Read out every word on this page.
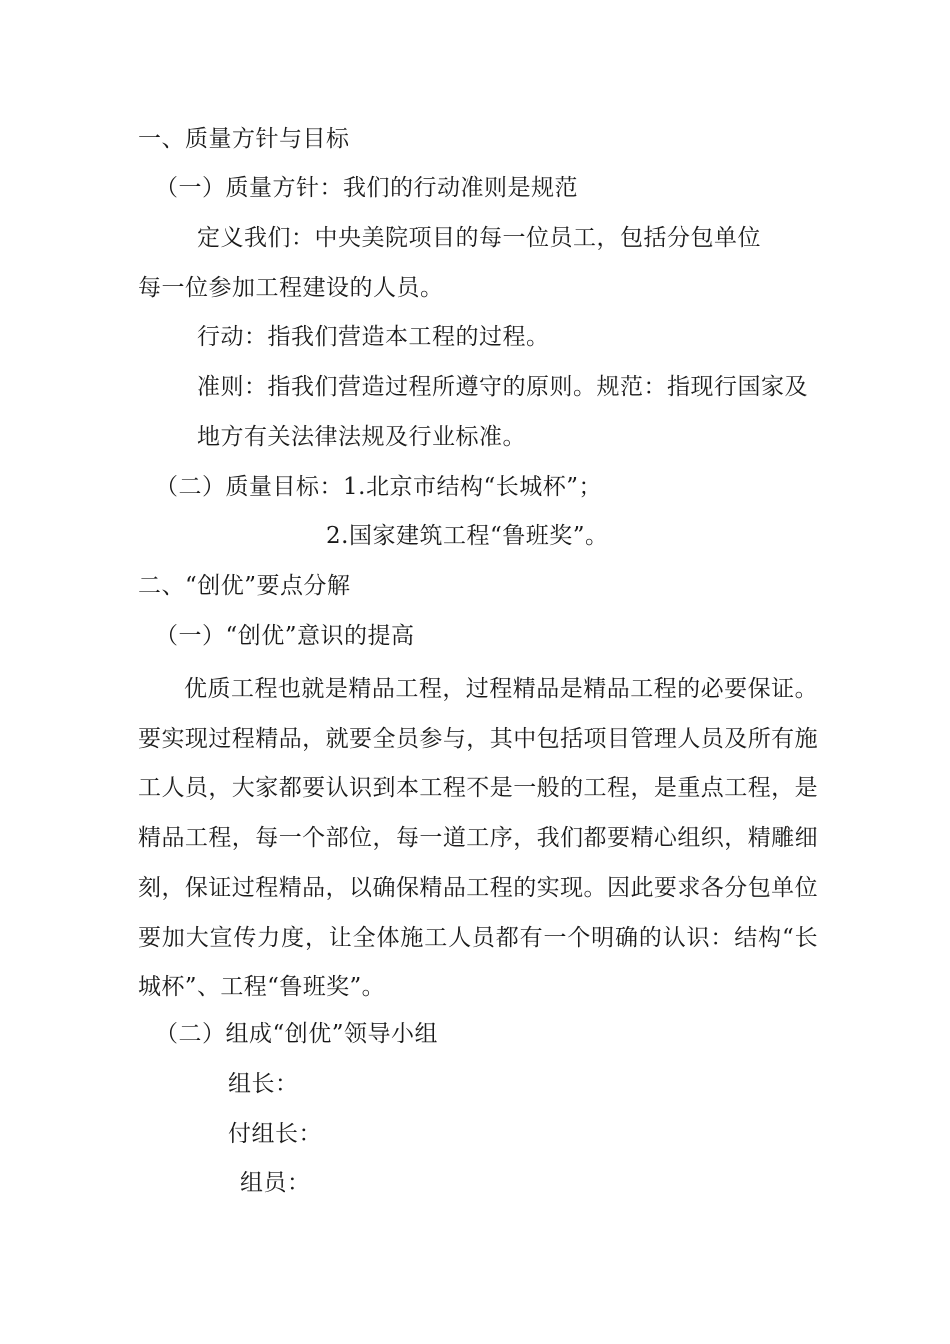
一、质量方针与目标
（一）质量方针：我们的行动准则是规范
定义我们：中央美院项目的每一位员工，包括分包单位
每一位参加工程建设的人员。
行动：指我们营造本工程的过程。
准则：指我们营造过程所遵守的原则。规范：指现行国家及
地方有关法律法规及行业标准。
（二）质量目标：1.北京市结构“长城杯”；
2.国家建筑工程“鲁班奖”。
二、“创优”要点分解
（一）“创优”意识的提高
优质工程也就是精品工程，过程精品是精品工程的必要保证。要实现过程精品，就要全员参与，其中包括项目管理人员及所有施工人员，大家都要认识到本工程不是一般的工程，是重点工程，是精品工程，每一个部位，每一道工序，我们都要精心组织，精雕细刻，保证过程精品，以确保精品工程的实现。因此要求各分包单位要加大宣传力度，让全体施工人员都有一个明确的认识：结构“长城杯”、工程“鲁班奖”。
（二）组成“创优”领导小组
组长：
付组长：
组员：
